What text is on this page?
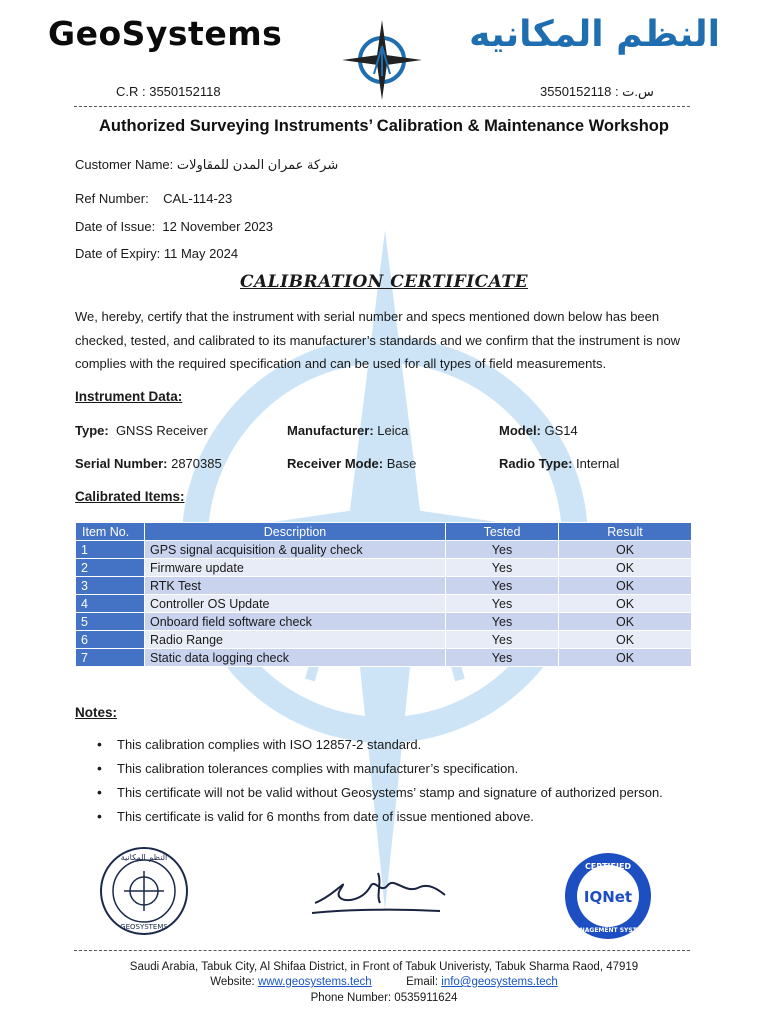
GeoSystems	النظم المكانيه
C.R : 3550152118	3550152118 : س.ت
Authorized Surveying Instruments’ Calibration & Maintenance Workshop
Customer Name: شركة عمران المدن للمقاولات
Ref Number:    CAL-114-23
Date of Issue:  12 November 2023
Date of Expiry: 11 May 2024
CALIBRATION CERTIFICATE
We, hereby, certify that the instrument with serial number and specs mentioned down below has been
checked, tested, and calibrated to its manufacturer’s standards and we confirm that the instrument is now
complies with the required specification and can be used for all types of field measurements.
Instrument Data:
Type:  GNSS Receiver	Manufacturer: Leica	Model: GS14
Serial Number: 2870385	Receiver Mode: Base	Radio Type: Internal
Calibrated Items:
Item No.	Description	Tested	Result
1	GPS signal acquisition & quality check	Yes	OK
2	Firmware update	Yes	OK
3	RTK Test	Yes	OK
4	Controller OS Update	Yes	OK
5	Onboard field software check	Yes	OK
6	Radio Range	Yes	OK
7	Static data logging check	Yes	OK
Notes:
• This calibration complies with ISO 12857-2 standard.
• This calibration tolerances complies with manufacturer’s specification.
• This certificate will not be valid without Geosystems’ stamp and signature of authorized person.
• This certificate is valid for 6 months from date of issue mentioned above.
النظم المكانية
GEOSYSTEMS
CERTIFIED
IQNet
MANAGEMENT SYSTEM
Saudi Arabia, Tabuk City, Al Shifaa District, in Front of Tabuk Univeristy, Tabuk Sharma Raod, 47919
Website: www.geosystems.tech	Email: info@geosystems.tech
Phone Number: 0535911624
